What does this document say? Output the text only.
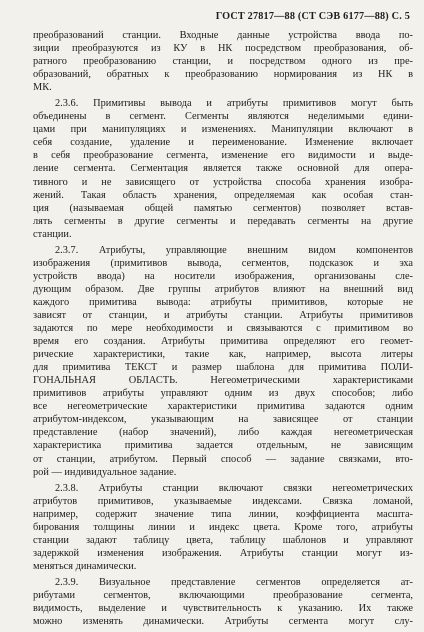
ГОСТ 27817—88 (СТ СЭВ 6177—88) С. 5
преобразований станции. Входные данные устройства ввода по-
зиции преобразуются из КУ в НК посредством преобразования, об-
ратного преобразованию станции, и посредством одного из пре-
образований, обратных к преобразованию нормирования из НК в
МК.
2.3.6. Примитивы вывода и атрибуты примитивов могут быть
объединены в сегмент. Сегменты являются неделимыми едини-
цами при манипуляциях и изменениях. Манипуляции включают в
себя создание, удаление и переименование. Изменение включает
в себя преобразование сегмента, изменение его видимости и выде-
ление сегмента. Сегментация является также основной для опера-
тивного и не зависящего от устройства способа хранения изобра-
жений. Такая область хранения, определяемая как особая стан-
ция (называемая общей памятью сегментов) позволяет встав-
лять сегменты в другие сегменты и передавать сегменты на другие
станции.
2.3.7. Атрибуты, управляющие внешним видом компонентов
изображения (примитивов вывода, сегментов, подсказок и эха
устройств ввода) на носители изображения, организованы сле-
дующим образом. Две группы атрибутов влияют на внешний вид
каждого примитива вывода: атрибуты примитивов, которые не
зависят от станции, и атрибуты станции. Атрибуты примитивов
задаются по мере необходимости и связываются с примитивом во
время его создания. Атрибуты примитива определяют его геомет-
рические характеристики, такие как, например, высота литеры
для примитива ТЕКСТ и размер шаблона для примитива ПОЛИ-
ГОНАЛЬНАЯ ОБЛАСТЬ. Негеометрическими характеристиками
примитивов атрибуты управляют одним из двух способов; либо
все негеометрические характеристики примитива задаются одним
атрибутом-индексом, указывающим на зависящее от станции
представление (набор значений), либо каждая негеометрическая
характеристика примитива задается отдельным, не зависящим
от станции, атрибутом. Первый способ — задание связками, вто-
рой — индивидуальное задание.
2.3.8. Атрибуты станции включают связки негеометрических
атрибутов примитивов, указываемые индексами. Связка ломаной,
например, содержит значение типа линии, коэффициента масшта-
бирования толщины линии и индекс цвета. Кроме того, атрибуты
станции задают таблицу цвета, таблицу шаблонов и управляют
задержкой изменения изображения. Атрибуты станции могут из-
меняться динамически.
2.3.9. Визуальное представление сегментов определяется ат-
рибутами сегментов, включающими преобразование сегмента,
видимость, выделение и чувствительность к указанию. Их также
можно изменять динамически. Атрибуты сегмента могут слу-
